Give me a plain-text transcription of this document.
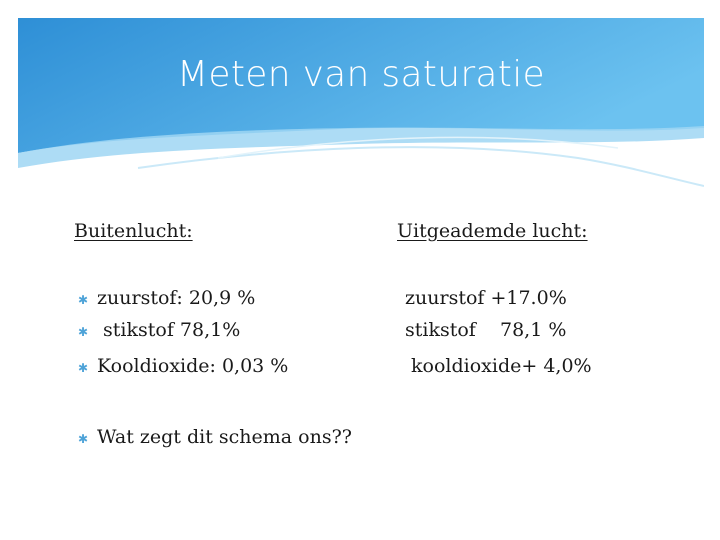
Meten van saturatie
Buitenlucht:	Uitgeademde lucht:
✱ zuurstof: 20,9 %
✱ stikstof 78,1%
✱ Kooldioxide: 0,03 %
zuurstof +17.0%
stikstof    78,1 %
kooldioxide+ 4,0%
✱ Wat zegt dit schema ons??
